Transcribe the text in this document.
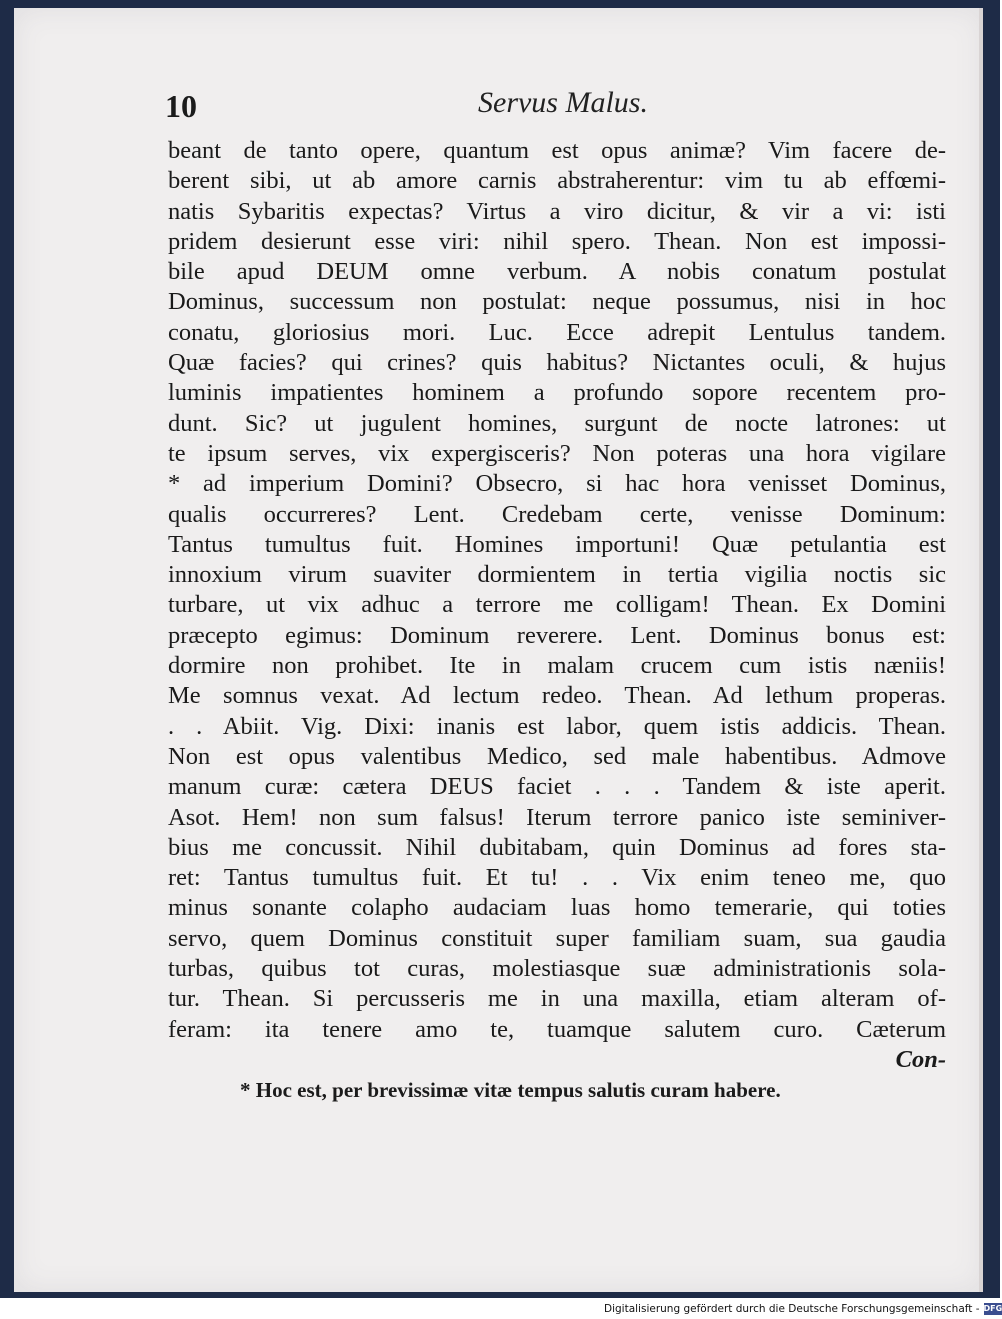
10	Servus Malus.
beant de tanto opere, quantum est opus animæ? Vim facere de-
berent sibi, ut ab amore carnis abstraherentur: vim tu ab effœmi-
natis Sybaritis expectas? Virtus a viro dicitur, & vir a vi: isti
pridem desierunt esse viri: nihil spero. Thean. Non est impossi-
bile apud DEUM omne verbum. A nobis conatum postulat
Dominus, successum non postulat: neque possumus, nisi in hoc
conatu, gloriosius mori. Luc. Ecce adrepit Lentulus tandem.
Quæ facies? qui crines? quis habitus? Nictantes oculi, & hujus
luminis impatientes hominem a profundo sopore recentem pro-
dunt. Sic? ut jugulent homines, surgunt de nocte latrones: ut
te ipsum serves, vix expergisceris? Non poteras una hora vigilare
* ad imperium Domini? Obsecro, si hac hora venisset Dominus,
qualis occurreres? Lent. Credebam certe, venisse Dominum:
Tantus tumultus fuit. Homines importuni! Quæ petulantia est
innoxium virum suaviter dormientem in tertia vigilia noctis sic
turbare, ut vix adhuc a terrore me colligam! Thean. Ex Domini
præcepto egimus: Dominum reverere. Lent. Dominus bonus est:
dormire non prohibet. Ite in malam crucem cum istis næniis!
Me somnus vexat. Ad lectum redeo. Thean. Ad lethum properas.
. . Abiit. Vig. Dixi: inanis est labor, quem istis addicis. Thean.
Non est opus valentibus Medico, sed male habentibus. Admove
manum curæ: cætera DEUS faciet . . . Tandem & iste aperit.
Asot. Hem! non sum falsus! Iterum terrore panico iste seminiver-
bius me concussit. Nihil dubitabam, quin Dominus ad fores sta-
ret: Tantus tumultus fuit. Et tu! . . Vix enim teneo me, quo
minus sonante colapho audaciam luas homo temerarie, qui toties
servo, quem Dominus constituit super familiam suam, sua gaudia
turbas, quibus tot curas, molestiasque suæ administrationis sola-
tur. Thean. Si percusseris me in una maxilla, etiam alteram of-
feram: ita tenere amo te, tuamque salutem curo. Cæterum
Con-
* Hoc est, per brevissimæ vitæ tempus salutis curam habere.
Digitalisierung gefördert durch die Deutsche Forschungsgemeinschaft - DFG
